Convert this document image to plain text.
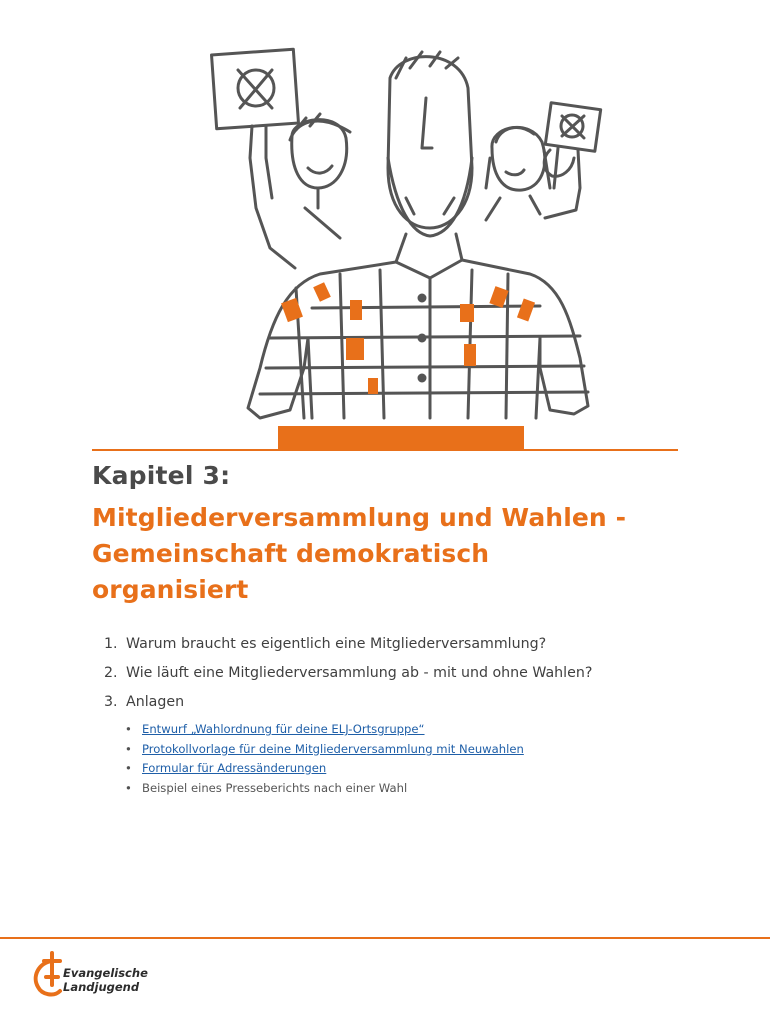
Kapitel 3:
Mitgliederversammlung und Wahlen -
Gemeinschaft demokratisch
organisiert
1. Warum braucht es eigentlich eine Mitgliederversammlung?
2. Wie läuft eine Mitgliederversammlung ab - mit und ohne Wahlen?
3. Anlagen
• Entwurf „Wahlordnung für deine ELJ-Ortsgruppe“
• Protokollvorlage für deine Mitgliederversammlung mit Neuwahlen
• Formular für Adressänderungen
• Beispiel eines Presseberichts nach einer Wahl
Evangelische
Landjugend
